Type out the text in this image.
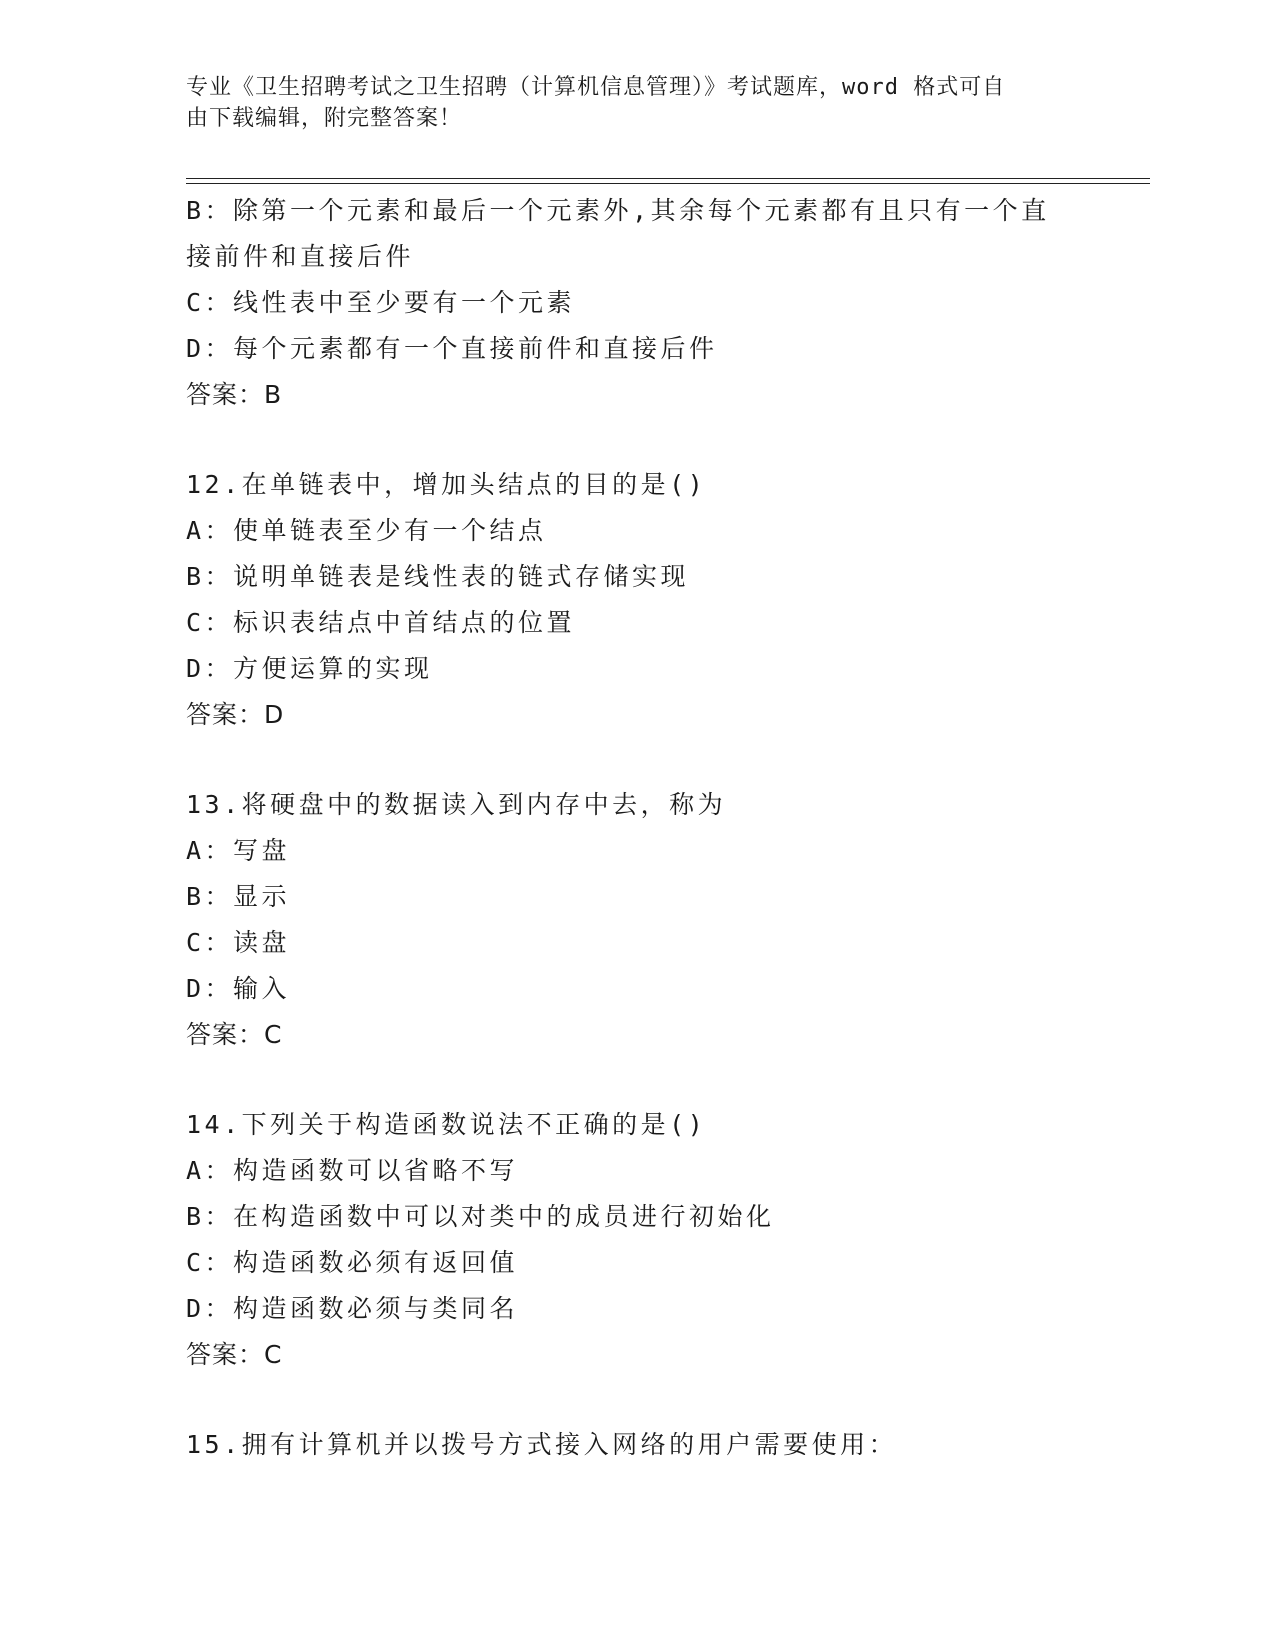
专业《卫生招聘考试之卫生招聘（计算机信息管理）》考试题库，word 格式可自
由下载编辑，附完整答案！
B：除第一个元素和最后一个元素外,其余每个元素都有且只有一个直
接前件和直接后件
C：线性表中至少要有一个元素
D：每个元素都有一个直接前件和直接后件
答案：B
12.在单链表中，增加头结点的目的是()
A：使单链表至少有一个结点
B：说明单链表是线性表的链式存储实现
C：标识表结点中首结点的位置
D：方便运算的实现
答案：D
13.将硬盘中的数据读入到内存中去，称为
A：写盘
B：显示
C：读盘
D：输入
答案：C
14.下列关于构造函数说法不正确的是()
A：构造函数可以省略不写
B：在构造函数中可以对类中的成员进行初始化
C：构造函数必须有返回值
D：构造函数必须与类同名
答案：C
15.拥有计算机并以拨号方式接入网络的用户需要使用：
